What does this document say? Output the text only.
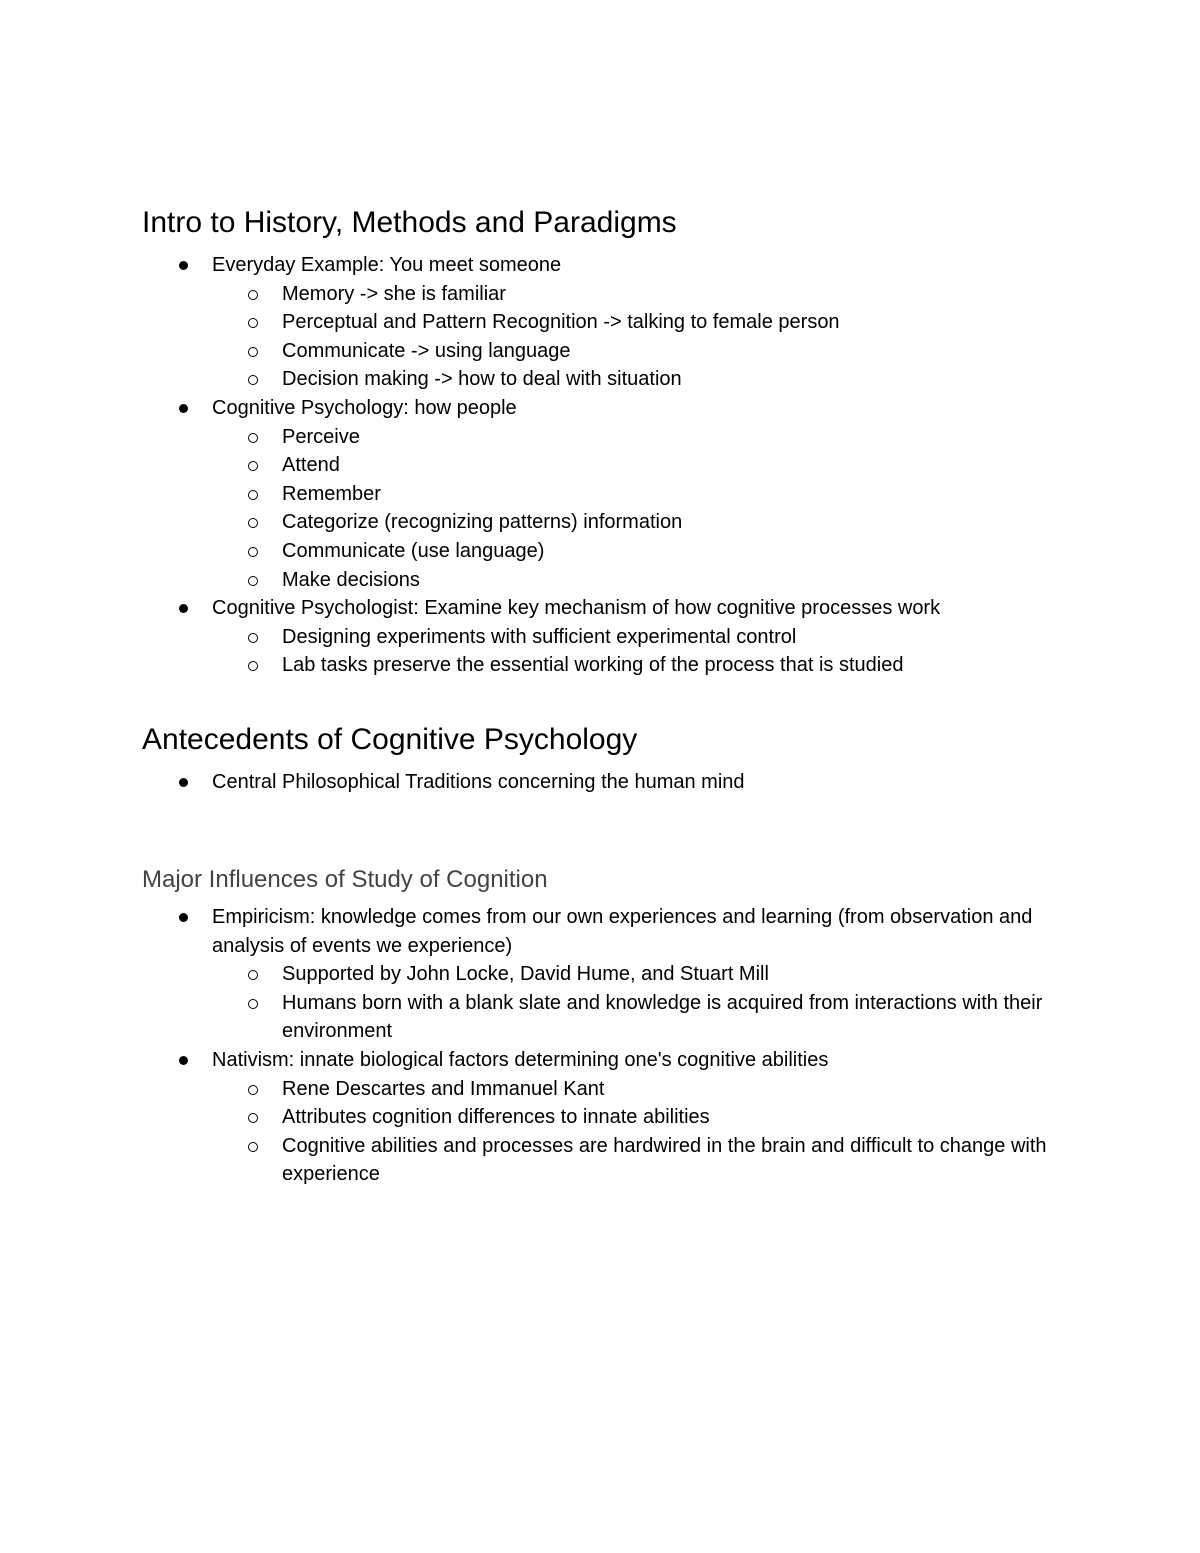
Intro to History, Methods and Paradigms
Everyday Example: You meet someone
Memory -> she is familiar
Perceptual and Pattern Recognition -> talking to female person
Communicate -> using language
Decision making -> how to deal with situation
Cognitive Psychology: how people
Perceive
Attend
Remember
Categorize (recognizing patterns) information
Communicate (use language)
Make decisions
Cognitive Psychologist: Examine key mechanism of how cognitive processes work
Designing experiments with sufficient experimental control
Lab tasks preserve the essential working of the process that is studied
Antecedents of Cognitive Psychology
Central Philosophical Traditions concerning the human mind
Major Influences of Study of Cognition
Empiricism: knowledge comes from our own experiences and learning (from observation and analysis of events we experience)
Supported by John Locke, David Hume, and Stuart Mill
Humans born with a blank slate and knowledge is acquired from interactions with their environment
Nativism: innate biological factors determining one's cognitive abilities
Rene Descartes and Immanuel Kant
Attributes cognition differences to innate abilities
Cognitive abilities and processes are hardwired in the brain and difficult to change with experience
